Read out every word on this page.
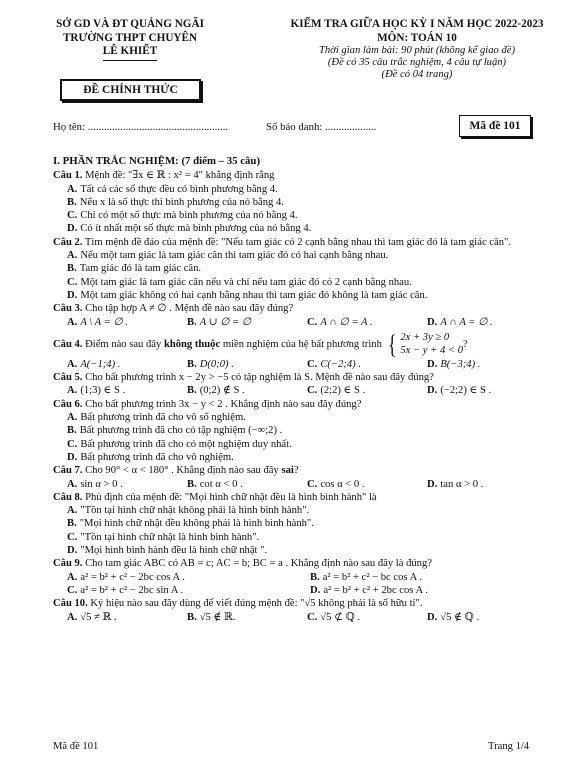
SỞ GD VÀ ĐT QUẢNG NGÃI
TRƯỜNG THPT CHUYÊN
LÊ KHIẾT
ĐỀ CHÍNH THỨC
KIỂM TRA GIỮA HỌC KỲ I NĂM HỌC 2022-2023
MÔN: TOÁN 10
Thời gian làm bài: 90 phút (không kể giao đề)
(Đề có 35 câu trắc nghiệm, 4 câu tự luận)
(Đề có 04 trang)
Họ tên: ....................................................	Số báo danh: ...................	Mã đề 101
I. PHẦN TRẮC NGHIỆM: (7 điểm – 35 câu)
Câu 1. Mệnh đề: "∃x ∈ ℝ : x² = 4" khẳng định rằng
A. Tất cả các số thực đều có bình phương bằng 4.
B. Nếu x là số thực thì bình phương của nó bằng 4.
C. Chỉ có một số thực mà bình phương của nó bằng 4.
D. Có ít nhất một số thực mà bình phương của nó bằng 4.
Câu 2. Tìm mệnh đề đảo của mệnh đề: "Nếu tam giác có 2 cạnh bằng nhau thì tam giác đó là tam giác cân".
A. Nếu một tam giác là tam giác cân thì tam giác đó có hai cạnh bằng nhau.
B. Tam giác đó là tam giác cân.
C. Một tam giác là tam giác cân nếu và chỉ nếu tam giác đó có 2 cạnh bằng nhau.
D. Một tam giác không có hai cạnh bằng nhau thì tam giác đó không là tam giác cân.
Câu 3. Cho tập hợp A ≠ ∅ . Mệnh đề nào sau đây đúng?
A. A \ A = ∅ .	B. A ∪ ∅ = ∅	C. A ∩ ∅ = A .	D. A ∩ A = ∅ .
Câu 4.
Điểm nào sau đây
không thuộc
miền nghiệm của hệ bất phương trình { 2x + 3y ≥ 0
5x − y + 4 < 0
?
A. A(−1;4) .	B. D(0;0) .	C. C(−2;4) .	D. B(−3;4) .
Câu 5. Cho bất phương trình x − 2y > −5 có tập nghiệm là S. Mệnh đề nào sau đây đúng?
A. (1;3) ∈ S .	B. (0;2) ∉ S .	C. (2;2) ∈ S .	D. (−2;2) ∈ S .
Câu 6. Cho bất phương trình 3x − y < 2 . Khẳng định nào sau đây đúng?
A. Bất phương trình đã cho vô số nghiệm.
B. Bất phương trình đã cho có tập nghiệm (−∞;2) .
C. Bất phương trình đã cho có một nghiệm duy nhất.
D. Bất phương trình đã cho vô nghiệm.
Câu 7. Cho 90° < α < 180° . Khẳng định nào sau đây sai?
A. sin α > 0 .	B. cot α < 0 .	C. cos α < 0 .	D. tan α > 0 .
Câu 8. Phủ định của mệnh đề: "Mọi hình chữ nhật đều là hình bình hành" là
A. "Tồn tại hình chữ nhật không phải là hình bình hành".
B. "Mọi hình chữ nhật đều không phải là hình bình hành".
C. "Tồn tại hình chữ nhật là hình bình hành".
D. "Mọi hình bình hành đều là hình chữ nhật ".
Câu 9. Cho tam giác ABC có AB = c; AC = b; BC = a . Khẳng định nào sau đây là đúng?
A. a² = b² + c² − 2bc cos A .	B. a² = b² + c² − bc cos A .
C. a² = b² + c² − 2bc sin A .	D. a² = b² + c² + 2bc cos A .
Câu 10. Ký hiệu nào sau đây dùng để viết đúng mệnh đề: "√5 không phải là số hữu tỉ".
A. √5 ≠ ℝ .	B. √5 ∉ ℝ.	C. √5 ⊄ ℚ .	D. √5 ∉ ℚ .
Mã đề 101	Trang 1/4
